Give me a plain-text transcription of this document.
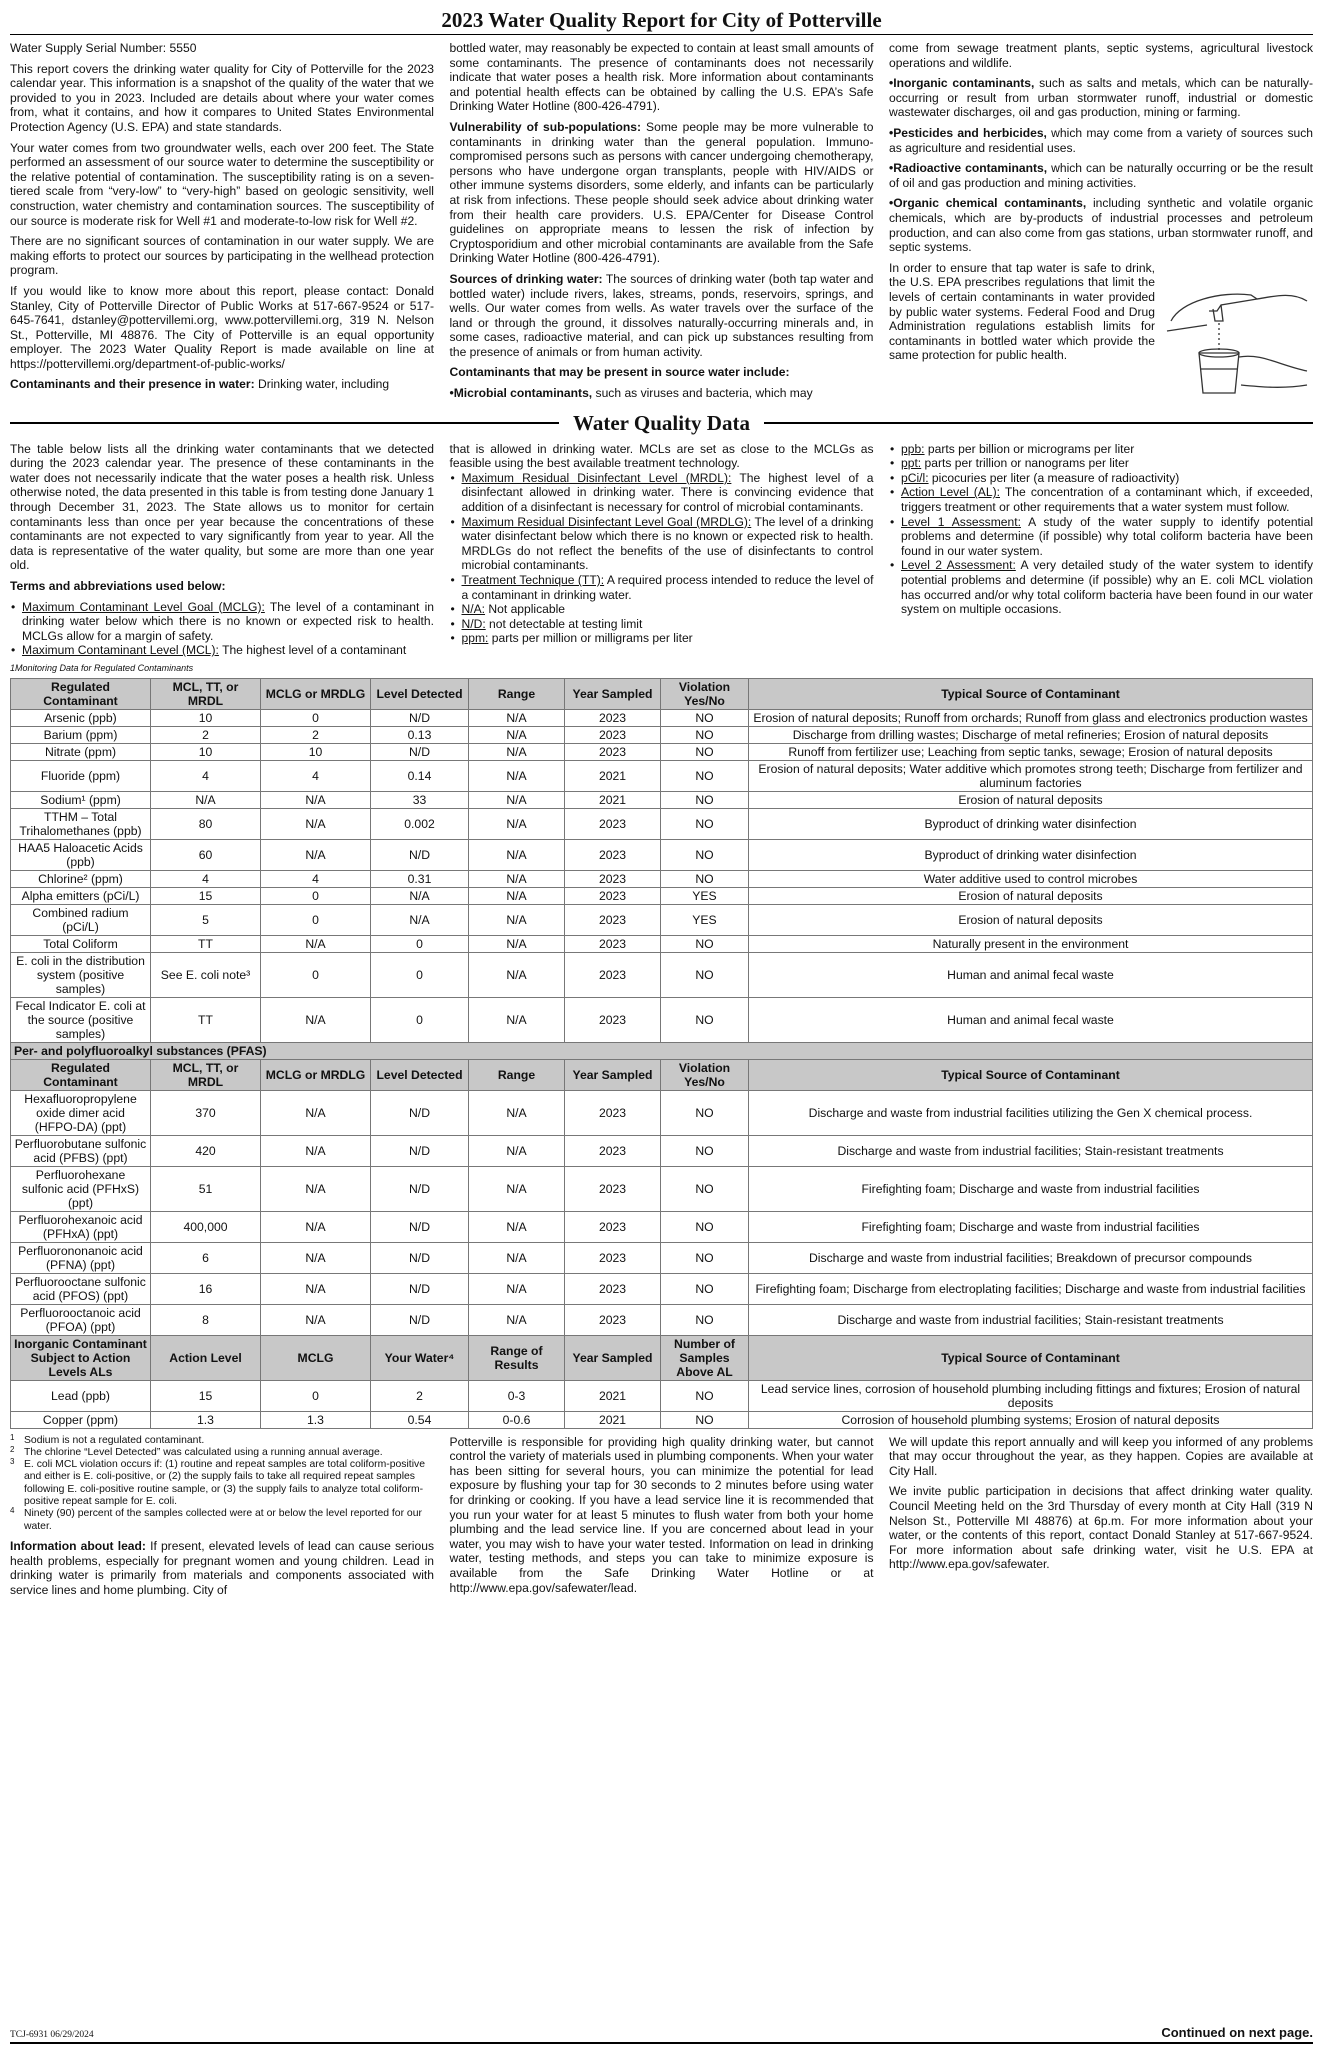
2023 Water Quality Report for City of Potterville

Water Supply Serial Number: 5550

This report covers the drinking water quality for City of Potterville for the 2023 calendar year. This information is a snapshot of the quality of the water that we provided to you in 2023. Included are details about where your water comes from, what it contains, and how it compares to United States Environmental Protection Agency (U.S. EPA) and state standards.

Your water comes from two groundwater wells, each over 200 feet. The State performed an assessment of our source water to determine the susceptibility or the relative potential of contamination. The susceptibility rating is on a seven-tiered scale from “very-low” to “very-high” based on geologic sensitivity, well construction, water chemistry and contamination sources. The susceptibility of our source is moderate risk for Well #1 and moderate-to-low risk for Well #2.

There are no significant sources of contamination in our water supply. We are making efforts to protect our sources by participating in the wellhead protection program.

If you would like to know more about this report, please contact: Donald Stanley, City of Potterville Director of Public Works at 517-667-9524 or 517-645-7641, dstanley@pottervillemi.org, www.pottervillemi.org, 319 N. Nelson St., Potterville, MI 48876. The City of Potterville is an equal opportunity employer. The 2023 Water Quality Report is made available on line at https://pottervillemi.org/department-of-public-works/

Contaminants and their presence in water: Drinking water, including

bottled water, may reasonably be expected to contain at least small amounts of some contaminants. The presence of contaminants does not necessarily indicate that water poses a health risk. More information about contaminants and potential health effects can be obtained by calling the U.S. EPA’s Safe Drinking Water Hotline (800-426-4791).

Vulnerability of sub-populations: Some people may be more vulnerable to contaminants in drinking water than the general population. Immuno-compromised persons such as persons with cancer undergoing chemotherapy, persons who have undergone organ transplants, people with HIV/AIDS or other immune systems disorders, some elderly, and infants can be particularly at risk from infections. These people should seek advice about drinking water from their health care providers. U.S. EPA/Center for Disease Control guidelines on appropriate means to lessen the risk of infection by Cryptosporidium and other microbial contaminants are available from the Safe Drinking Water Hotline (800-426-4791).

Sources of drinking water: The sources of drinking water (both tap water and bottled water) include rivers, lakes, streams, ponds, reservoirs, springs, and wells. Our water comes from wells. As water travels over the surface of the land or through the ground, it dissolves naturally-occurring minerals and, in some cases, radioactive material, and can pick up substances resulting from the presence of animals or from human activity.

Contaminants that may be present in source water include:

• Microbial contaminants, such as viruses and bacteria, which may

come from sewage treatment plants, septic systems, agricultural livestock operations and wildlife.

• Inorganic contaminants, such as salts and metals, which can be naturally-occurring or result from urban stormwater runoff, industrial or domestic wastewater discharges, oil and gas production, mining or farming.

• Pesticides and herbicides, which may come from a variety of sources such as agriculture and residential uses.

• Radioactive contaminants, which can be naturally occurring or be the result of oil and gas production and mining activities.

• Organic chemical contaminants, including synthetic and volatile organic chemicals, which are by-products of industrial processes and petroleum production, and can also come from gas stations, urban stormwater runoff, and septic systems.

In order to ensure that tap water is safe to drink, the U.S. EPA prescribes regulations that limit the levels of certain contaminants in water provided by public water systems. Federal Food and Drug Administration regulations establish limits for contaminants in bottled water which provide the same protection for public health.

Water Quality Data

The table below lists all the drinking water contaminants that we detected during the 2023 calendar year. The presence of these contaminants in the water does not necessarily indicate that the water poses a health risk. Unless otherwise noted, the data presented in this table is from testing done January 1 through December 31, 2023. The State allows us to monitor for certain contaminants less than once per year because the concentrations of these contaminants are not expected to vary significantly from year to year. All the data is representative of the water quality, but some are more than one year old.

Terms and abbreviations used below:

• Maximum Contaminant Level Goal (MCLG): The level of a contaminant in drinking water below which there is no known or expected risk to health. MCLGs allow for a margin of safety.
• Maximum Contaminant Level (MCL): The highest level of a contaminant
1Monitoring Data for Regulated Contaminants

that is allowed in drinking water. MCLs are set as close to the MCLGs as feasible using the best available treatment technology.

• Maximum Residual Disinfectant Level (MRDL): The highest level of a disinfectant allowed in drinking water. There is convincing evidence that addition of a disinfectant is necessary for control of microbial contaminants.
• Maximum Residual Disinfectant Level Goal (MRDLG): The level of a drinking water disinfectant below which there is no known or expected risk to health. MRDLGs do not reflect the benefits of the use of disinfectants to control microbial contaminants.
• Treatment Technique (TT): A required process intended to reduce the level of a contaminant in drinking water.
• N/A: Not applicable
• N/D: not detectable at testing limit
• ppm: parts per million or milligrams per liter
• ppb: parts per billion or micrograms per liter
• ppt: parts per trillion or nanograms per liter
• pCi/l: picocuries per liter (a measure of radioactivity)
• Action Level (AL): The concentration of a contaminant which, if exceeded, triggers treatment or other requirements that a water system must follow.
• Level 1 Assessment: A study of the water supply to identify potential problems and determine (if possible) why total coliform bacteria have been found in our water system.
• Level 2 Assessment: A very detailed study of the water system to identify potential problems and determine (if possible) why an E. coli MCL violation has occurred and/or why total coliform bacteria have been found in our water system on multiple occasions.
Regulated Contaminant	MCL, TT, or MRDL	MCLG or MRDLG	Level Detected	Range	Year Sampled	Violation Yes/No	Typical Source of Contaminant
Arsenic (ppb)	10	0	N/D	N/A	2023	NO	Erosion of natural deposits; Runoff from orchards; Runoff from glass and electronics production wastes
Barium (ppm)	2	2	0.13	N/A	2023	NO	Discharge from drilling wastes; Discharge of metal refineries; Erosion of natural deposits
Nitrate (ppm)	10	10	N/D	N/A	2023	NO	Runoff from fertilizer use; Leaching from septic tanks, sewage; Erosion of natural deposits
Fluoride (ppm)	4	4	0.14	N/A	2021	NO	Erosion of natural deposits; Water additive which promotes strong teeth; Discharge from fertilizer and aluminum factories
Sodium¹ (ppm)	N/A	N/A	33	N/A	2021	NO	Erosion of natural deposits
TTHM – Total Trihalomethanes (ppb)	80	N/A	0.002	N/A	2023	NO	Byproduct of drinking water disinfection
HAA5 Haloacetic Acids (ppb)	60	N/A	N/D	N/A	2023	NO	Byproduct of drinking water disinfection
Chlorine² (ppm)	4	4	0.31	N/A	2023	NO	Water additive used to control microbes
Alpha emitters (pCi/L)	15	0	N/A	N/A	2023	YES	Erosion of natural deposits
Combined radium (pCi/L)	5	0	N/A	N/A	2023	YES	Erosion of natural deposits
Total Coliform	TT	N/A	0	N/A	2023	NO	Naturally present in the environment
E. coli in the distribution system (positive samples)	See E. coli note³	0	0	N/A	2023	NO	Human and animal fecal waste
Fecal Indicator E. coli at the source (positive samples)	TT	N/A	0	N/A	2023	NO	Human and animal fecal waste
Per- and polyfluoroalkyl substances (PFAS)							
Regulated Contaminant	MCL, TT, or MRDL	MCLG or MRDLG	Level Detected	Range	Year Sampled	Violation Yes/No	Typical Source of Contaminant
Hexafluoropropylene oxide dimer acid (HFPO-DA) (ppt)	370	N/A	N/D	N/A	2023	NO	Discharge and waste from industrial facilities utilizing the Gen X chemical process.
Perfluorobutane sulfonic acid (PFBS) (ppt)	420	N/A	N/D	N/A	2023	NO	Discharge and waste from industrial facilities; Stain-resistant treatments
Perfluorohexane sulfonic acid (PFHxS) (ppt)	51	N/A	N/D	N/A	2023	NO	Firefighting foam; Discharge and waste from industrial facilities
Perfluorohexanoic acid (PFHxA) (ppt)	400,000	N/A	N/D	N/A	2023	NO	Firefighting foam; Discharge and waste from industrial facilities
Perfluorononanoic acid (PFNA) (ppt)	6	N/A	N/D	N/A	2023	NO	Discharge and waste from industrial facilities; Breakdown of precursor compounds
Perfluorooctane sulfonic acid (PFOS) (ppt)	16	N/A	N/D	N/A	2023	NO	Firefighting foam; Discharge from electroplating facilities; Discharge and waste from industrial facilities
Perfluorooctanoic acid (PFOA) (ppt)	8	N/A	N/D	N/A	2023	NO	Discharge and waste from industrial facilities; Stain-resistant treatments
Inorganic Contaminant Subject to Action Levels ALs	Action Level	MCLG	Your Water⁴	Range of Results	Year Sampled	Number of Samples Above AL	Typical Source of Contaminant
Lead (ppb)	15	0	2	0-3	2021	NO	Lead service lines, corrosion of household plumbing including fittings and fixtures; Erosion of natural deposits
Copper (ppm)	1.3	1.3	0.54	0-0.6	2021	NO	Corrosion of household plumbing systems; Erosion of natural deposits
1 Sodium is not a regulated contaminant.
2 The chlorine “Level Detected” was calculated using a running annual average.
3 E. coli MCL violation occurs if: (1) routine and repeat samples are total coliform-positive and either is E. coli-positive, or (2) the supply fails to take all required repeat samples following E. coli-positive routine sample, or (3) the supply fails to analyze total coliform-positive repeat sample for E. coli.
4 Ninety (90) percent of the samples collected were at or below the level reported for our water.
Information about lead: If present, elevated levels of lead can cause serious health problems, especially for pregnant women and young children. Lead in drinking water is primarily from materials and components associated with service lines and home plumbing. City of

Potterville is responsible for providing high quality drinking water, but cannot control the variety of materials used in plumbing components. When your water has been sitting for several hours, you can minimize the potential for lead exposure by flushing your tap for 30 seconds to 2 minutes before using water for drinking or cooking. If you have a lead service line it is recommended that you run your water for at least 5 minutes to flush water from both your home plumbing and the lead service line. If you are concerned about lead in your water, you may wish to have your water tested. Information on lead in drinking water, testing methods, and steps you can take to minimize exposure is available from the Safe Drinking Water Hotline or at http://www.epa.gov/safewater/lead.

We will update this report annually and will keep you informed of any problems that may occur throughout the year, as they happen. Copies are available at City Hall.

We invite public participation in decisions that affect drinking water quality. Council Meeting held on the 3rd Thursday of every month at City Hall (319 N Nelson St., Potterville MI 48876) at 6p.m. For more information about your water, or the contents of this report, contact Donald Stanley at 517-667-9524. For more information about safe drinking water, visit he U.S. EPA at http://www.epa.gov/safewater.

TCJ-6931 06/29/2024	Continued on next page.
